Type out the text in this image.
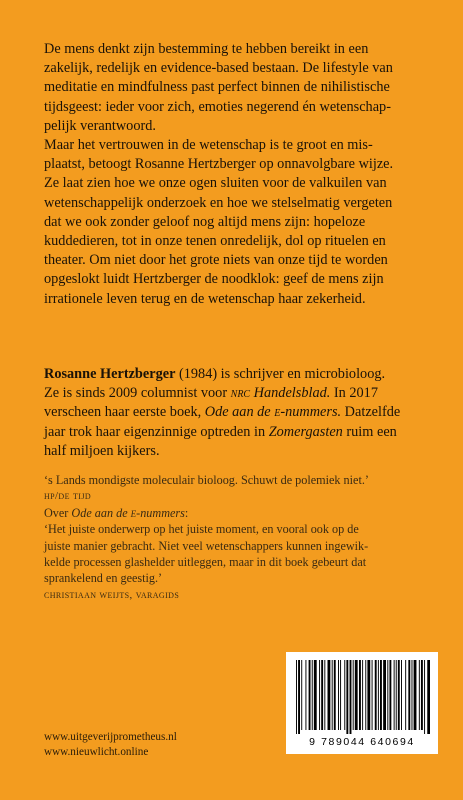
De mens denkt zijn bestemming te hebben bereikt in een

zakelijk, redelijk en evidence-based bestaan. De lifestyle van

meditatie en mindfulness past perfect binnen de nihilistische

tijdsgeest: ieder voor zich, emoties negerend én wetenschap-

pelijk verantwoord.

Maar het vertrouwen in de wetenschap is te groot en mis-

plaatst, betoogt Rosanne Hertzberger op onnavolgbare wijze.

Ze laat zien hoe we onze ogen sluiten voor de valkuilen van

wetenschappelijk onderzoek en hoe we stelselmatig vergeten

dat we ook zonder geloof nog altijd mens zijn: hopeloze

kuddedieren, tot in onze tenen onredelijk, dol op rituelen en

theater. Om niet door het grote niets van onze tijd te worden

opgeslokt luidt Hertzberger de noodklok: geef de mens zijn

irrationele leven terug en de wetenschap haar zekerheid.

Rosanne Hertzberger (1984) is schrijver en microbioloog.

Ze is sinds 2009 columnist voor nrc Handelsblad. In 2017

verscheen haar eerste boek, Ode aan de e-nummers. Datzelfde

jaar trok haar eigenzinnige optreden in Zomergasten ruim een

half miljoen kijkers.

‘s Lands mondigste moleculair bioloog. Schuwt de polemiek niet.’

hp/de tijd

Over Ode aan de e-nummers:

‘Het juiste onderwerp op het juiste moment, en vooral ook op de

juiste manier gebracht. Niet veel wetenschappers kunnen ingewik-

kelde processen glashelder uitleggen, maar in dit boek gebeurt dat

sprankelend en geestig.’

christiaan weijts, varagids

www.uitgeverijprometheus.nl
www.nieuwlicht.online
9 789044 640694
